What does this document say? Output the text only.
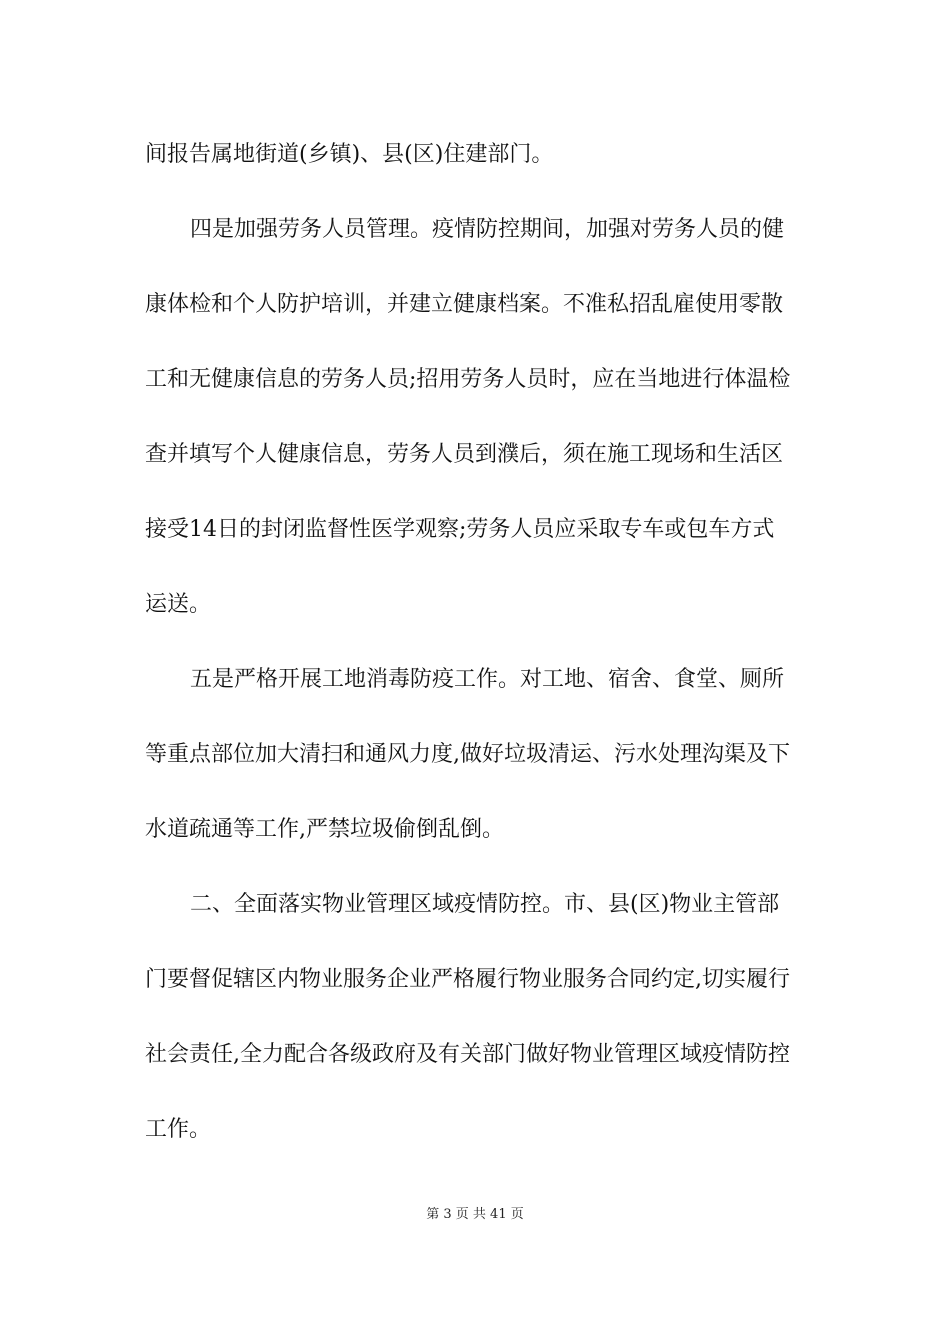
间报告属地街道(乡镇)、县(区)住建部门。
四是加强劳务人员管理。疫情防控期间，加强对劳务人员的健
康体检和个人防护培训，并建立健康档案。不准私招乱雇使用零散
工和无健康信息的劳务人员;招用劳务人员时，应在当地进行体温检
查并填写个人健康信息，劳务人员到濮后，须在施工现场和生活区
接受14日的封闭监督性医学观察;劳务人员应采取专车或包车方式
运送。
五是严格开展工地消毒防疫工作。对工地、宿舍、食堂、厕所
等重点部位加大清扫和通风力度,做好垃圾清运、污水处理沟渠及下
水道疏通等工作,严禁垃圾偷倒乱倒。
二、全面落实物业管理区域疫情防控。市、县(区)物业主管部
门要督促辖区内物业服务企业严格履行物业服务合同约定,切实履行
社会责任,全力配合各级政府及有关部门做好物业管理区域疫情防控
工作。
第 3 页 共 41 页
